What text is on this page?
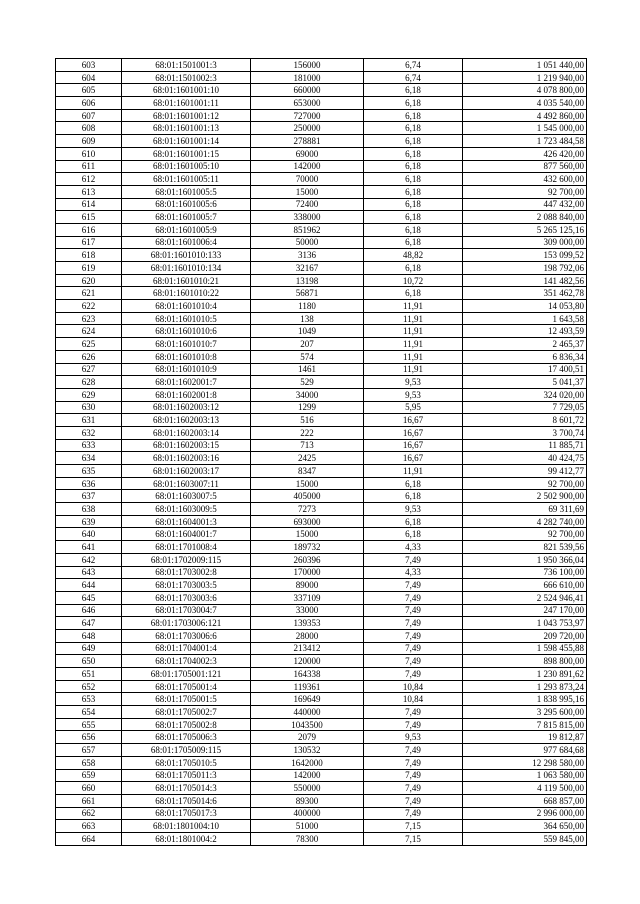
603	68:01:1501001:3	156000	6,74	1 051 440,00
604	68:01:1501002:3	181000	6,74	1 219 940,00
605	68:01:1601001:10	660000	6,18	4 078 800,00
606	68:01:1601001:11	653000	6,18	4 035 540,00
607	68:01:1601001:12	727000	6,18	4 492 860,00
608	68:01:1601001:13	250000	6,18	1 545 000,00
609	68:01:1601001:14	278881	6,18	1 723 484,58
610	68:01:1601001:15	69000	6,18	426 420,00
611	68:01:1601005:10	142000	6,18	877 560,00
612	68:01:1601005:11	70000	6,18	432 600,00
613	68:01:1601005:5	15000	6,18	92 700,00
614	68:01:1601005:6	72400	6,18	447 432,00
615	68:01:1601005:7	338000	6,18	2 088 840,00
616	68:01:1601005:9	851962	6,18	5 265 125,16
617	68:01:1601006:4	50000	6,18	309 000,00
618	68:01:1601010:133	3136	48,82	153 099,52
619	68:01:1601010:134	32167	6,18	198 792,06
620	68:01:1601010:21	13198	10,72	141 482,56
621	68:01:1601010:22	56871	6,18	351 462,78
622	68:01:1601010:4	1180	11,91	14 053,80
623	68:01:1601010:5	138	11,91	1 643,58
624	68:01:1601010:6	1049	11,91	12 493,59
625	68:01:1601010:7	207	11,91	2 465,37
626	68:01:1601010:8	574	11,91	6 836,34
627	68:01:1601010:9	1461	11,91	17 400,51
628	68:01:1602001:7	529	9,53	5 041,37
629	68:01:1602001:8	34000	9,53	324 020,00
630	68:01:1602003:12	1299	5,95	7 729,05
631	68:01:1602003:13	516	16,67	8 601,72
632	68:01:1602003:14	222	16,67	3 700,74
633	68:01:1602003:15	713	16,67	11 885,71
634	68:01:1602003:16	2425	16,67	40 424,75
635	68:01:1602003:17	8347	11,91	99 412,77
636	68:01:1603007:11	15000	6,18	92 700,00
637	68:01:1603007:5	405000	6,18	2 502 900,00
638	68:01:1603009:5	7273	9,53	69 311,69
639	68:01:1604001:3	693000	6,18	4 282 740,00
640	68:01:1604001:7	15000	6,18	92 700,00
641	68:01:1701008:4	189732	4,33	821 539,56
642	68:01:1702009:115	260396	7,49	1 950 366,04
643	68:01:1703002:8	170000	4,33	736 100,00
644	68:01:1703003:5	89000	7,49	666 610,00
645	68:01:1703003:6	337109	7,49	2 524 946,41
646	68:01:1703004:7	33000	7,49	247 170,00
647	68:01:1703006:121	139353	7,49	1 043 753,97
648	68:01:1703006:6	28000	7,49	209 720,00
649	68:01:1704001:4	213412	7,49	1 598 455,88
650	68:01:1704002:3	120000	7,49	898 800,00
651	68:01:1705001:121	164338	7,49	1 230 891,62
652	68:01:1705001:4	119361	10,84	1 293 873,24
653	68:01:1705001:5	169649	10,84	1 838 995,16
654	68:01:1705002:7	440000	7,49	3 295 600,00
655	68:01:1705002:8	1043500	7,49	7 815 815,00
656	68:01:1705006:3	2079	9,53	19 812,87
657	68:01:1705009:115	130532	7,49	977 684,68
658	68:01:1705010:5	1642000	7,49	12 298 580,00
659	68:01:1705011:3	142000	7,49	1 063 580,00
660	68:01:1705014:3	550000	7,49	4 119 500,00
661	68:01:1705014:6	89300	7,49	668 857,00
662	68:01:1705017:3	400000	7,49	2 996 000,00
663	68:01:1801004:10	51000	7,15	364 650,00
664	68:01:1801004:2	78300	7,15	559 845,00
